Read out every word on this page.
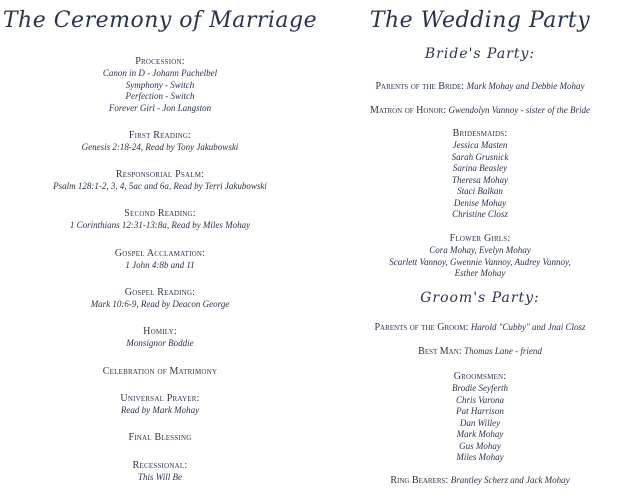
The Ceremony of Marriage
Procession:
Canon in D - Johann Pachelbel
Symphony - Switch
Perfection - Switch
Forever Girl - Jon Langston
First Reading:
Genesis 2:18-24, Read by Tony Jakubowski
Responsorial Psalm:
Psalm 128:1-2, 3, 4, 5ac and 6a, Read by Terri Jakubowski
Second Reading:
1 Corinthians 12:31-13:8a, Read by Miles Mohay
Gospel Acclamation:
1 John 4:8b and 11
Gospel Reading:
Mark 10:6-9, Read by Deacon George
Homily:
Monsignor Boddie
Celebration of Matrimony
Universal Prayer:
Read by Mark Mohay
Final Blessing
Recessional:
This Will Be
The Wedding Party
Bride's Party:
Parents of the Bride: Mark Mohay and Debbie Mohay
Matron of Honor: Gwendolyn Vannoy - sister of the Bride
Bridesmaids:
Jessica Masten
Sarah Grusnick
Sarina Beasley
Theresa Mohay
Staci Balkan
Denise Mohay
Christine Closz
Flower Girls:
Cora Mohay, Evelyn Mohay
Scarlett Vannoy, Gwennie Vannoy, Audrey Vannoy,
Esther Mohay
Groom's Party:
Parents of the Groom: Harold "Cubby" and Jnai Closz
Best Man: Thomas Lane - friend
Groomsmen:
Brodie Seyferth
Chris Varona
Pat Harrison
Dan Willey
Mark Mohay
Gus Mohay
Miles Mohay
Ring Bearers: Brantley Scherz and Jack Mohay
